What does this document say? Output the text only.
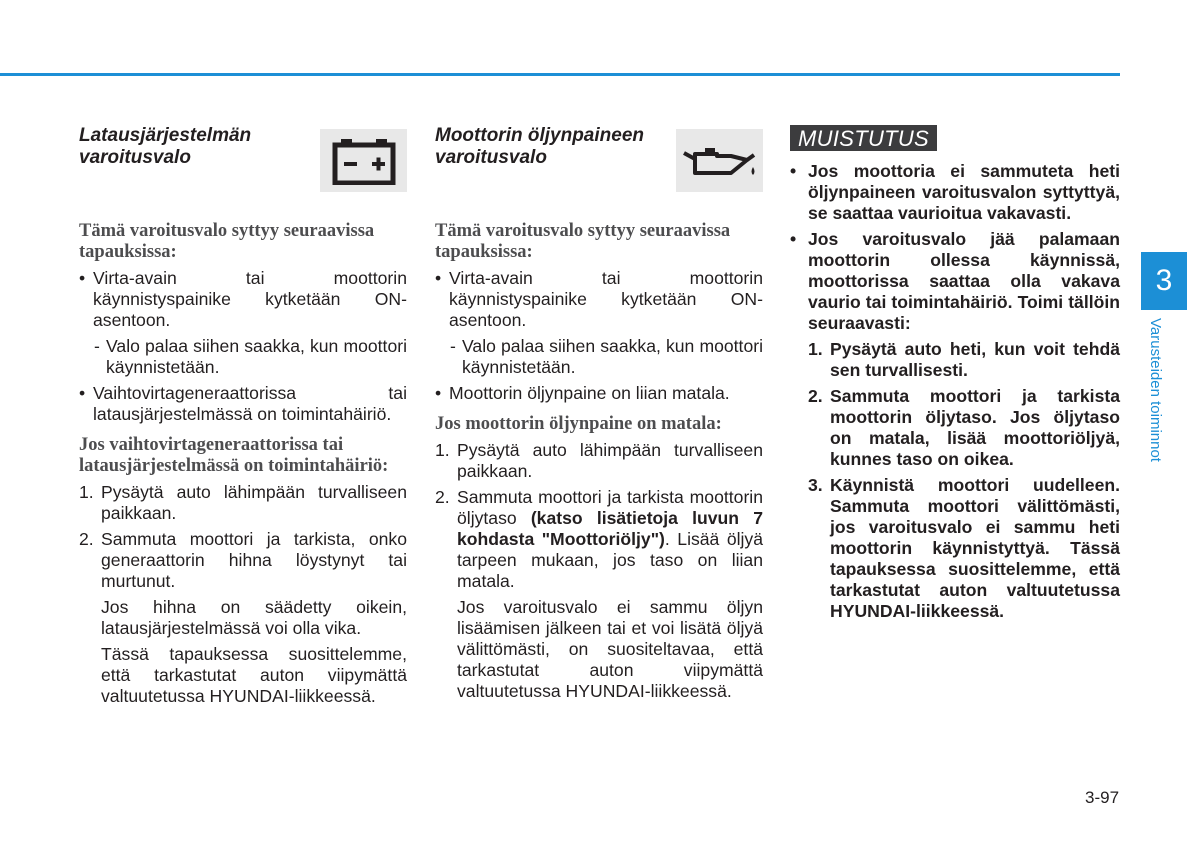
Latausjärjestelmän varoitusvalo
Tämä varoitusvalo syttyy seuraavissa tapauksissa:
• Virta-avain tai moottorin käynnistyspainike kytketään ON-asentoon.
- Valo palaa siihen saakka, kun moottori käynnistetään.
• Vaihtovirtageneraattorissa tai latausjärjestelmässä on toimintahäiriö.
Jos vaihtovirtageneraattorissa tai latausjärjestelmässä on toimintahäiriö:
1. Pysäytä auto lähimpään turvalliseen paikkaan.
2. Sammuta moottori ja tarkista, onko generaattorin hihna löystynyt tai murtunut.
Jos hihna on säädetty oikein, latausjärjestelmässä voi olla vika.
Tässä tapauksessa suosittelemme, että tarkastutat auton viipymättä valtuutetussa HYUNDAI-liikkeessä.
Moottorin öljynpaineen varoitusvalo
Tämä varoitusvalo syttyy seuraavissa tapauksissa:
• Virta-avain tai moottorin käynnistyspainike kytketään ON-asentoon.
- Valo palaa siihen saakka, kun moottori käynnistetään.
• Moottorin öljynpaine on liian matala.
Jos moottorin öljynpaine on matala:
1. Pysäytä auto lähimpään turvalliseen paikkaan.
2. Sammuta moottori ja tarkista moottorin öljytaso (katso lisätietoja luvun 7 kohdasta "Moottoriöljy"). Lisää öljyä tarpeen mukaan, jos taso on liian matala.
Jos varoitusvalo ei sammu öljyn lisäämisen jälkeen tai et voi lisätä öljyä välittömästi, on suositeltavaa, että tarkastutat auton viipymättä valtuutetussa HYUNDAI-liikkeessä.
MUISTUTUS
• Jos moottoria ei sammuteta heti öljynpaineen varoitusvalon syttyttyä, se saattaa vaurioitua vakavasti.
• Jos varoitusvalo jää palamaan moottorin ollessa käynnissä, moottorissa saattaa olla vakava vaurio tai toimintahäiriö. Toimi tällöin seuraavasti:
1. Pysäytä auto heti, kun voit tehdä sen turvallisesti.
2. Sammuta moottori ja tarkista moottorin öljytaso. Jos öljytaso on matala, lisää moottoriöljyä, kunnes taso on oikea.
3. Käynnistä moottori uudelleen. Sammuta moottori välittömästi, jos varoitusvalo ei sammu heti moottorin käynnistyttyä. Tässä tapauksessa suosittelemme, että tarkastutat auton valtuutetussa HYUNDAI-liikkeessä.
3
Varusteiden toiminnot
3-97
